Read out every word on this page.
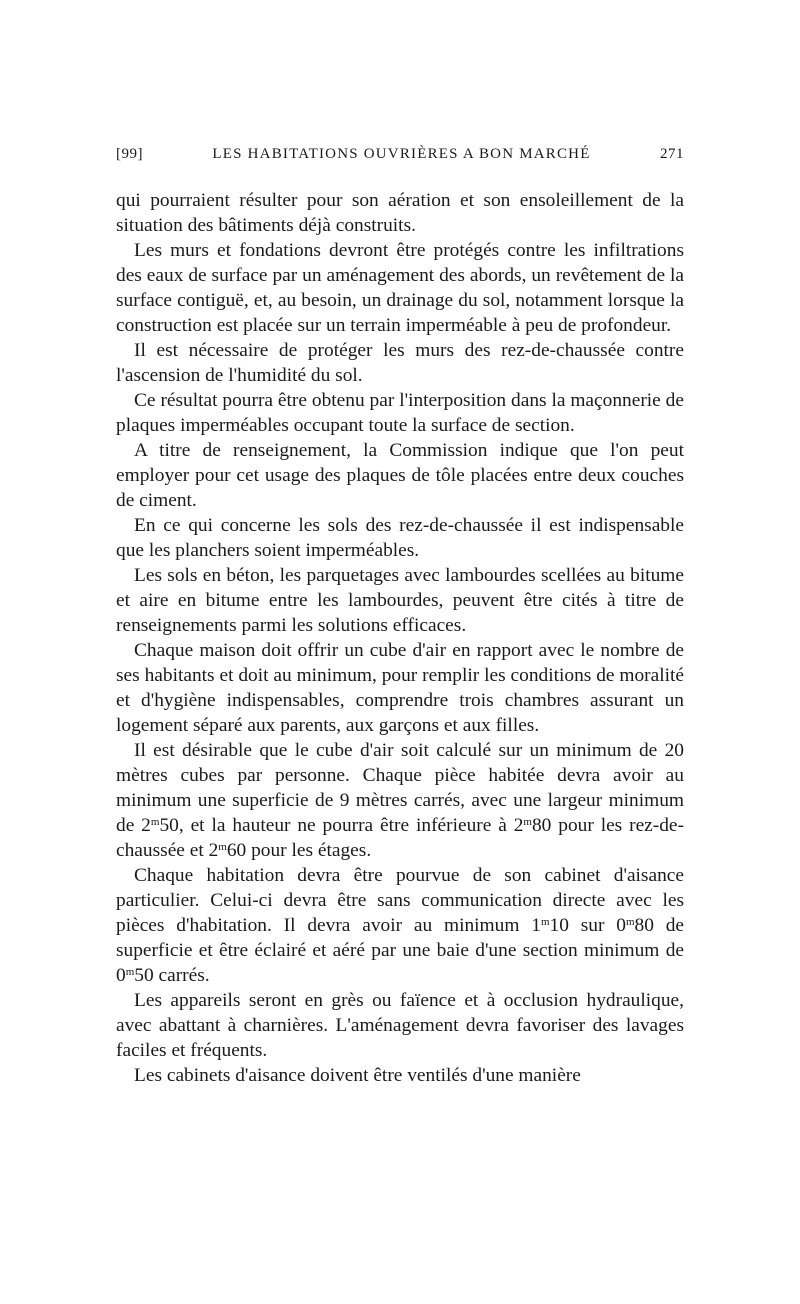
[99]	LES HABITATIONS OUVRIÈRES A BON MARCHÉ	271

qui pourraient résulter pour son aération et son ensoleillement de la situation des bâtiments déjà construits.

Les murs et fondations devront être protégés contre les infiltrations des eaux de surface par un aménagement des abords, un revêtement de la surface contiguë, et, au besoin, un drainage du sol, notamment lorsque la construction est placée sur un terrain imperméable à peu de profondeur.

Il est nécessaire de protéger les murs des rez-de-chaussée contre l'ascension de l'humidité du sol.

Ce résultat pourra être obtenu par l'interposition dans la maçonnerie de plaques imperméables occupant toute la surface de section.

A titre de renseignement, la Commission indique que l'on peut employer pour cet usage des plaques de tôle placées entre deux couches de ciment.

En ce qui concerne les sols des rez-de-chaussée il est indispensable que les planchers soient imperméables.

Les sols en béton, les parquetages avec lambourdes scellées au bitume et aire en bitume entre les lambourdes, peuvent être cités à titre de renseignements parmi les solutions efficaces.

Chaque maison doit offrir un cube d'air en rapport avec le nombre de ses habitants et doit au minimum, pour remplir les conditions de moralité et d'hygiène indispensables, comprendre trois chambres assurant un logement séparé aux parents, aux garçons et aux filles.

Il est désirable que le cube d'air soit calculé sur un minimum de 20 mètres cubes par personne. Chaque pièce habitée devra avoir au minimum une superficie de 9 mètres carrés, avec une largeur minimum de 2$^m$50, et la hauteur ne pourra être inférieure à 2$^m$80 pour les rez-de-chaussée et 2$^m$60 pour les étages.

Chaque habitation devra être pourvue de son cabinet d'aisance particulier. Celui-ci devra être sans communication directe avec les pièces d'habitation. Il devra avoir au minimum 1$^m$10 sur 0$^m$80 de superficie et être éclairé et aéré par une baie d'une section minimum de 0$^m$50 carrés.

Les appareils seront en grès ou faïence et à occlusion hydraulique, avec abattant à charnières. L'aménagement devra favoriser des lavages faciles et fréquents.

Les cabinets d'aisance doivent être ventilés d'une manière
